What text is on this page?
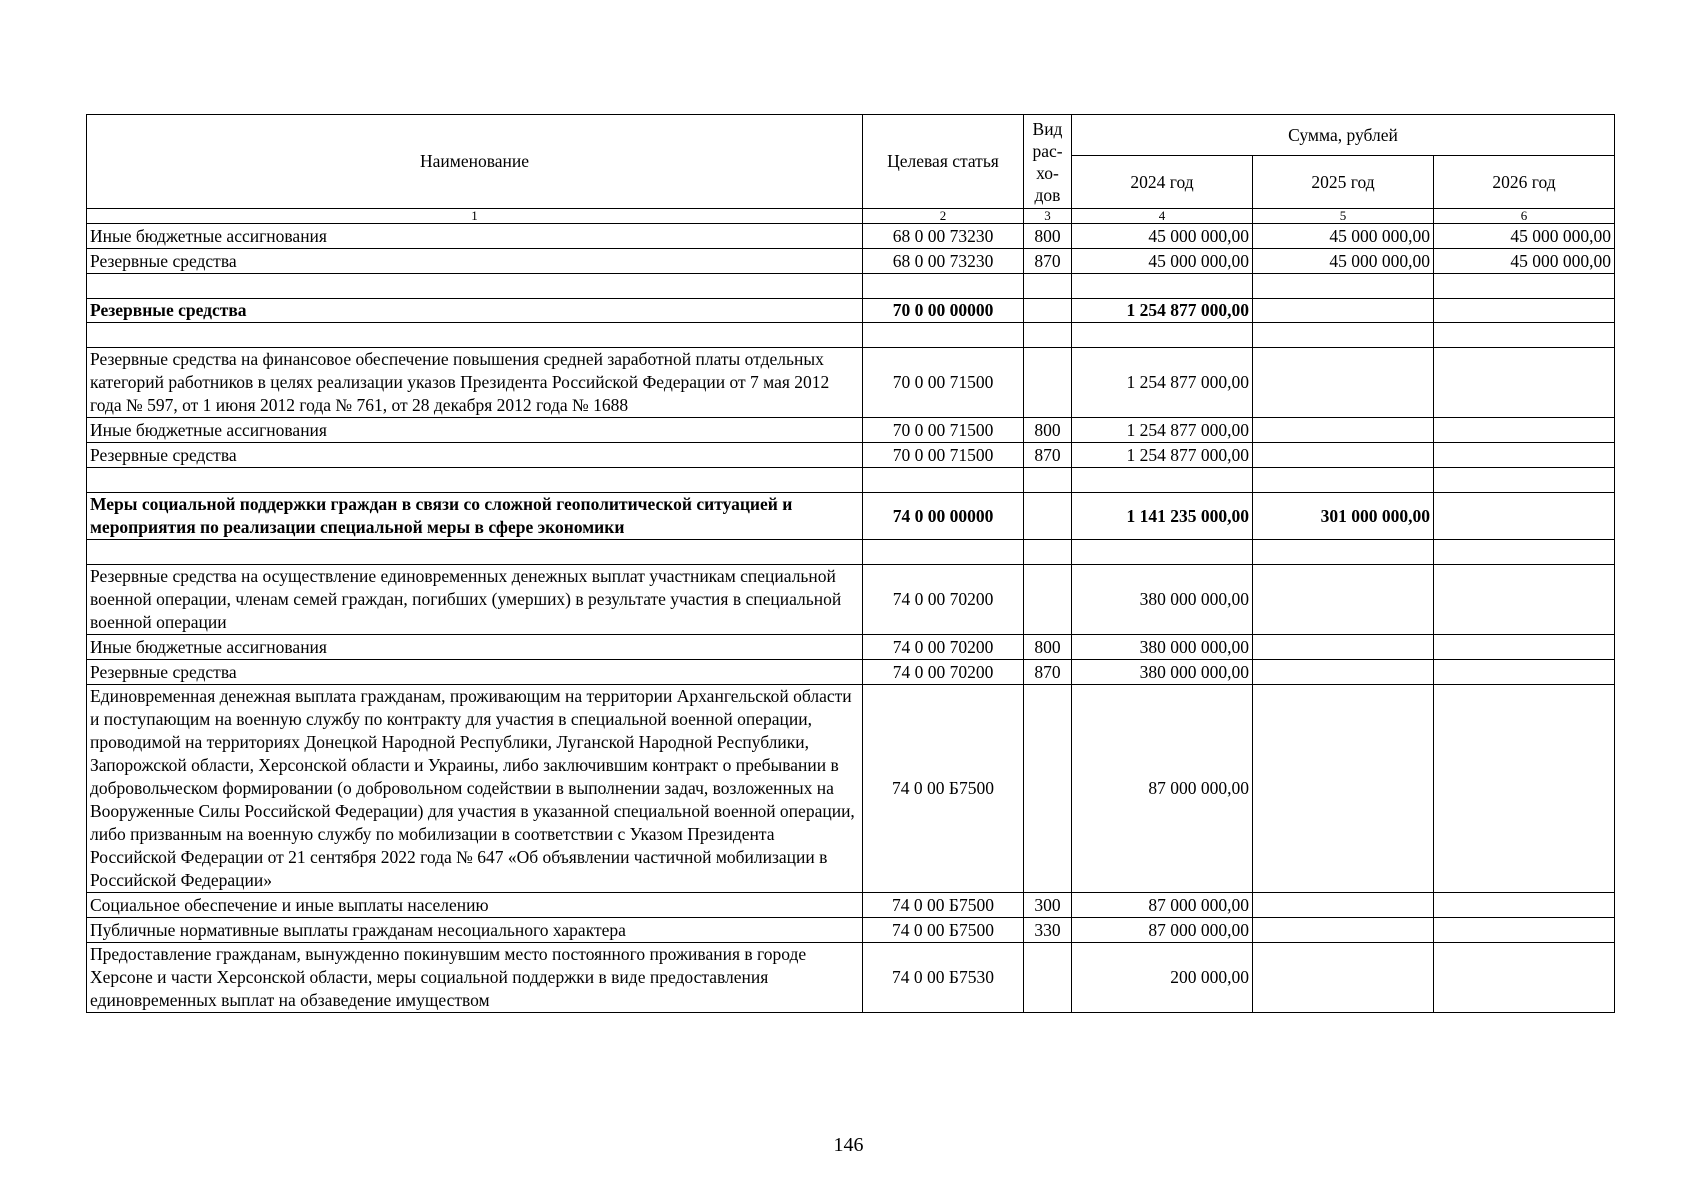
Наименование	Целевая статья	Вид рас-хо-дов	Сумма, рублей		
			2024 год	2025 год	2026 год
1	2	3	4	5	6
Иные бюджетные ассигнования	68 0 00 73230	800	45 000 000,00	45 000 000,00	45 000 000,00
Резервные средства	68 0 00 73230	870	45 000 000,00	45 000 000,00	45 000 000,00

Резервные средства	70 0 00 00000		1 254 877 000,00		

Резервные средства на финансовое обеспечение повышения средней заработной платы отдельных категорий работников в целях реализации указов Президента Российской Федерации от 7 мая 2012 года № 597, от 1 июня 2012 года № 761, от 28 декабря 2012 года № 1688	70 0 00 71500		1 254 877 000,00		
Иные бюджетные ассигнования	70 0 00 71500	800	1 254 877 000,00		
Резервные средства	70 0 00 71500	870	1 254 877 000,00		

Меры социальной поддержки граждан в связи со сложной геополитической ситуацией и мероприятия по реализации специальной меры в сфере экономики	74 0 00 00000		1 141 235 000,00	301 000 000,00	

Резервные средства на осуществление единовременных денежных выплат участникам специальной военной операции, членам семей граждан, погибших (умерших) в результате участия в специальной военной операции	74 0 00 70200		380 000 000,00		
Иные бюджетные ассигнования	74 0 00 70200	800	380 000 000,00		
Резервные средства	74 0 00 70200	870	380 000 000,00		
Единовременная денежная выплата гражданам, проживающим на территории Архангельской области и поступающим на военную службу по контракту для участия в специальной военной операции, проводимой на территориях Донецкой Народной Республики, Луганской Народной Республики, Запорожской области, Херсонской области и Украины, либо заключившим контракт о пребывании в добровольческом формировании (о добровольном содействии в выполнении задач, возложенных на Вооруженные Силы Российской Федерации) для участия в указанной специальной военной операции, либо призванным на военную службу по мобилизации в соответствии с Указом Президента Российской Федерации от 21 сентября 2022 года № 647 «Об объявлении частичной мобилизации в Российской Федерации»	74 0 00 Б7500		87 000 000,00		
Социальное обеспечение и иные выплаты населению	74 0 00 Б7500	300	87 000 000,00		
Публичные нормативные выплаты гражданам несоциального характера	74 0 00 Б7500	330	87 000 000,00		
Предоставление гражданам, вынужденно покинувшим место постоянного проживания в городе Херсоне и части Херсонской области, меры социальной поддержки в виде предоставления единовременных выплат на обзаведение имуществом	74 0 00 Б7530		200 000,00		
146
